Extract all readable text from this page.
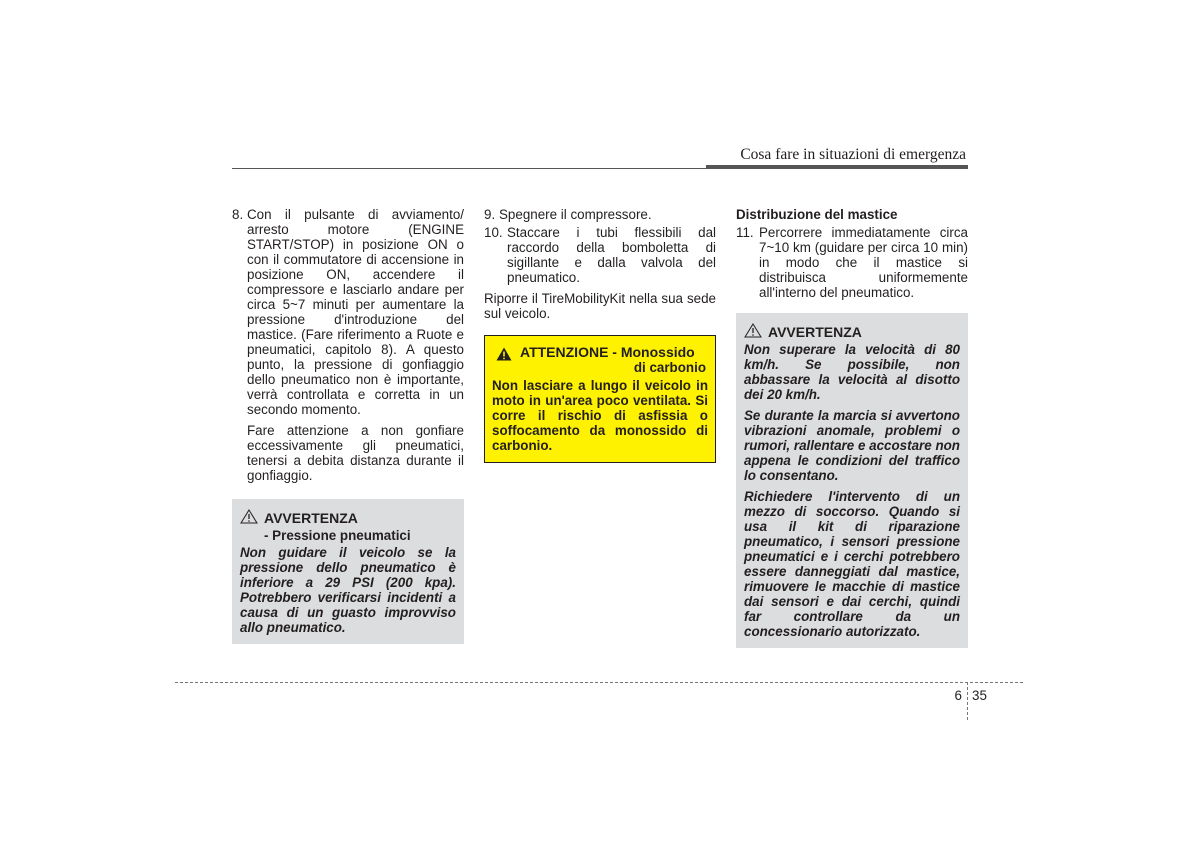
Cosa fare in situazioni di emergenza

8. Con il pulsante di avviamento/ arresto motore (ENGINE START/STOP) in posizione ON o con il commutatore di accensione in posizione ON, accendere il compressore e lasciarlo andare per circa 5~7 minuti per aumentare la pressione d'introduzione del mastice. (Fare riferimento a Ruote e pneumatici, capitolo 8). A questo punto, la pressione di gonfiaggio dello pneumatico non è importante, verrà controllata e corretta in un secondo momento.

Fare attenzione a non gonfiare eccessivamente gli pneumatici, tenersi a debita distanza durante il gonfiaggio.

AVVERTENZA
- Pressione pneumatici

Non guidare il veicolo se la pressione dello pneumatico è inferiore a 29 PSI (200 kpa). Potrebbero verificarsi incidenti a causa di un guasto improvviso allo pneumatico.

9. Spegnere il compressore.

10. Staccare i tubi flessibili dal raccordo della bomboletta di sigillante e dalla valvola del pneumatico.

Riporre il TireMobilityKit nella sua sede sul veicolo.

ATTENZIONE - Monossido
di carbonio

Non lasciare a lungo il veicolo in moto in un'area poco ventilata. Si corre il rischio di asfissia o soffocamento da monossido di carbonio.

Distribuzione del mastice

11. Percorrere immediatamente circa 7~10 km (guidare per circa 10 min) in modo che il mastice si distribuisca uniformemente all'interno del pneumatico.

AVVERTENZA

Non superare la velocità di 80 km/h. Se possibile, non abbassare la velocità al disotto dei 20 km/h.

Se durante la marcia si avvertono vibrazioni anomale, problemi o rumori, rallentare e accostare non appena le condizioni del traffico lo consentano.

Richiedere l'intervento di un mezzo di soccorso. Quando si usa il kit di riparazione pneumatico, i sensori pressione pneumatici e i cerchi potrebbero essere danneggiati dal mastice, rimuovere le macchie di mastice dai sensori e dai cerchi, quindi far controllare da un concessionario autorizzato.

6 35
